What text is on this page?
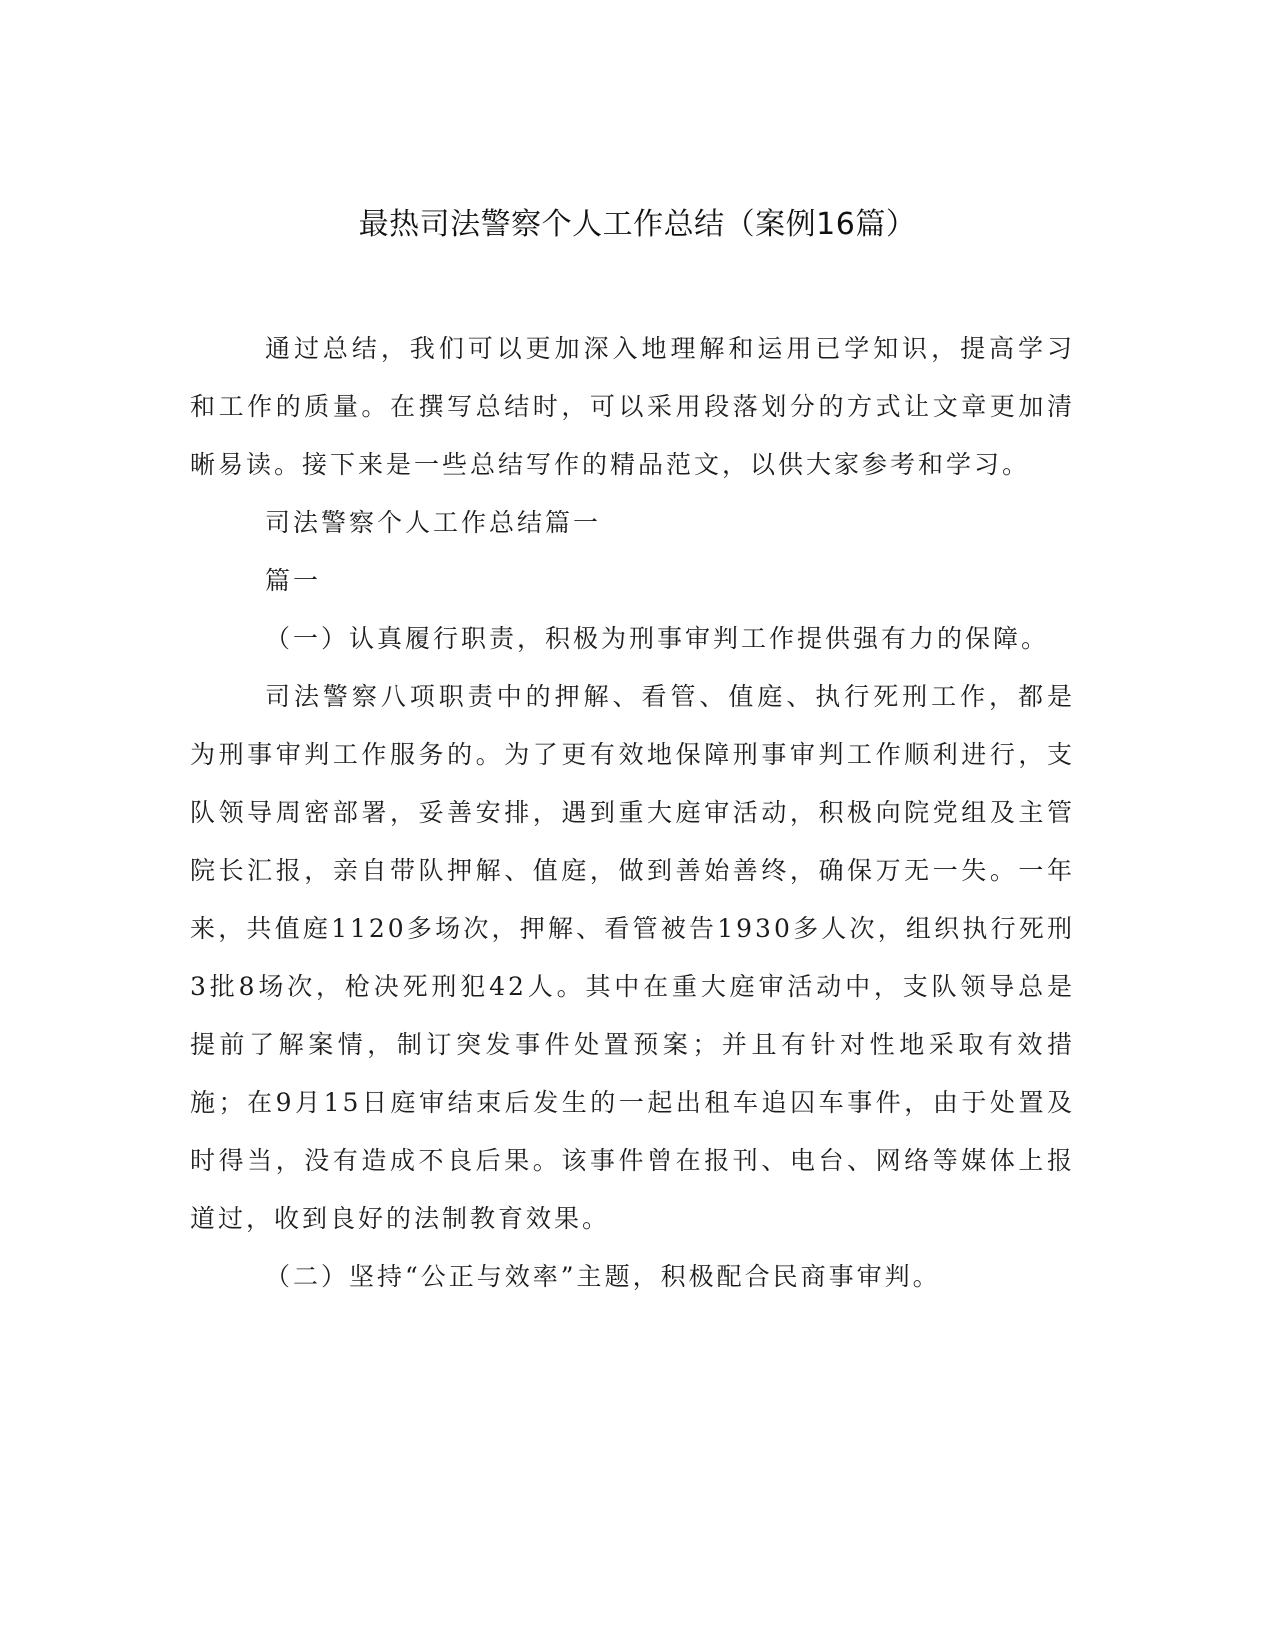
最热司法警察个人工作总结（案例16篇）

通过总结，我们可以更加深入地理解和运用已学知识，提高学习和工作的质量。在撰写总结时，可以采用段落划分的方式让文章更加清晰易读。接下来是一些总结写作的精品范文，以供大家参考和学习。

司法警察个人工作总结篇一

篇一

（一）认真履行职责，积极为刑事审判工作提供强有力的保障。

司法警察八项职责中的押解、看管、值庭、执行死刑工作，都是为刑事审判工作服务的。为了更有效地保障刑事审判工作顺利进行，支队领导周密部署，妥善安排，遇到重大庭审活动，积极向院党组及主管院长汇报，亲自带队押解、值庭，做到善始善终，确保万无一失。一年来，共值庭1120多场次，押解、看管被告1930多人次，组织执行死刑3批8场次，枪决死刑犯42人。其中在重大庭审活动中，支队领导总是提前了解案情，制订突发事件处置预案；并且有针对性地采取有效措施；在9月15日庭审结束后发生的一起出租车追囚车事件，由于处置及时得当，没有造成不良后果。该事件曾在报刊、电台、网络等媒体上报道过，收到良好的法制教育效果。

（二）坚持“公正与效率”主题，积极配合民商事审判。
